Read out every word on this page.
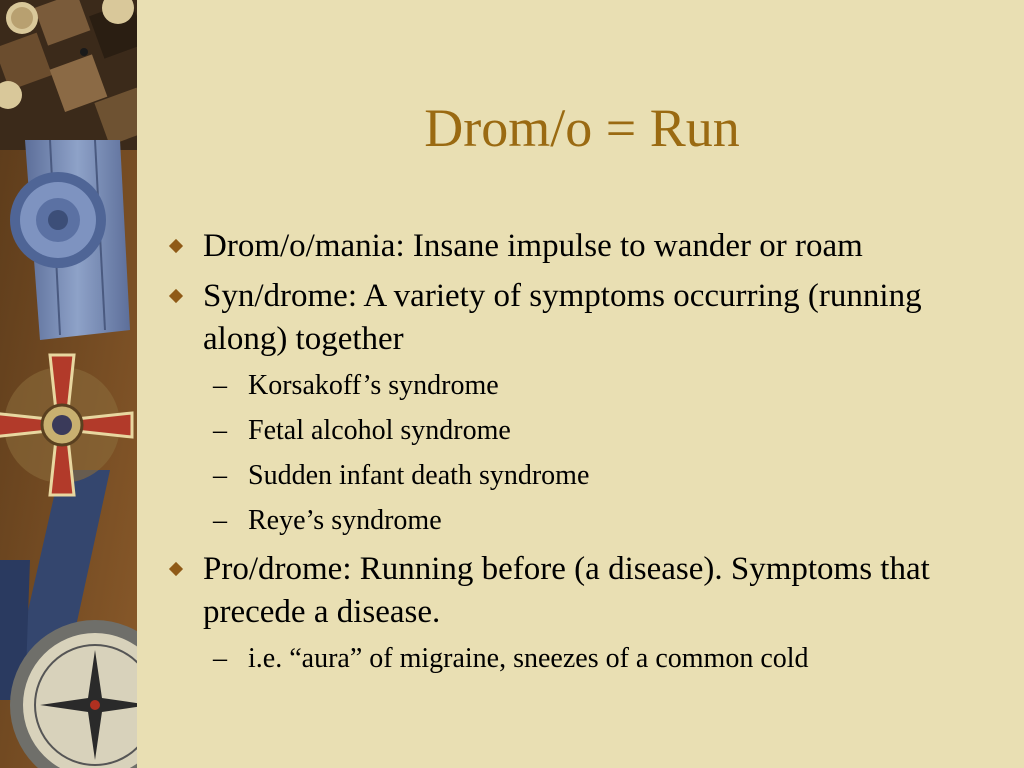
Drom/o = Run
Drom/o/mania: Insane impulse to wander or roam
Syn/drome: A variety of symptoms occurring (running along) together
– Korsakoff’s syndrome
– Fetal alcohol syndrome
– Sudden infant death syndrome
– Reye’s syndrome
Pro/drome: Running before (a disease). Symptoms that precede a disease.
– i.e. “aura” of migraine, sneezes of a common cold
